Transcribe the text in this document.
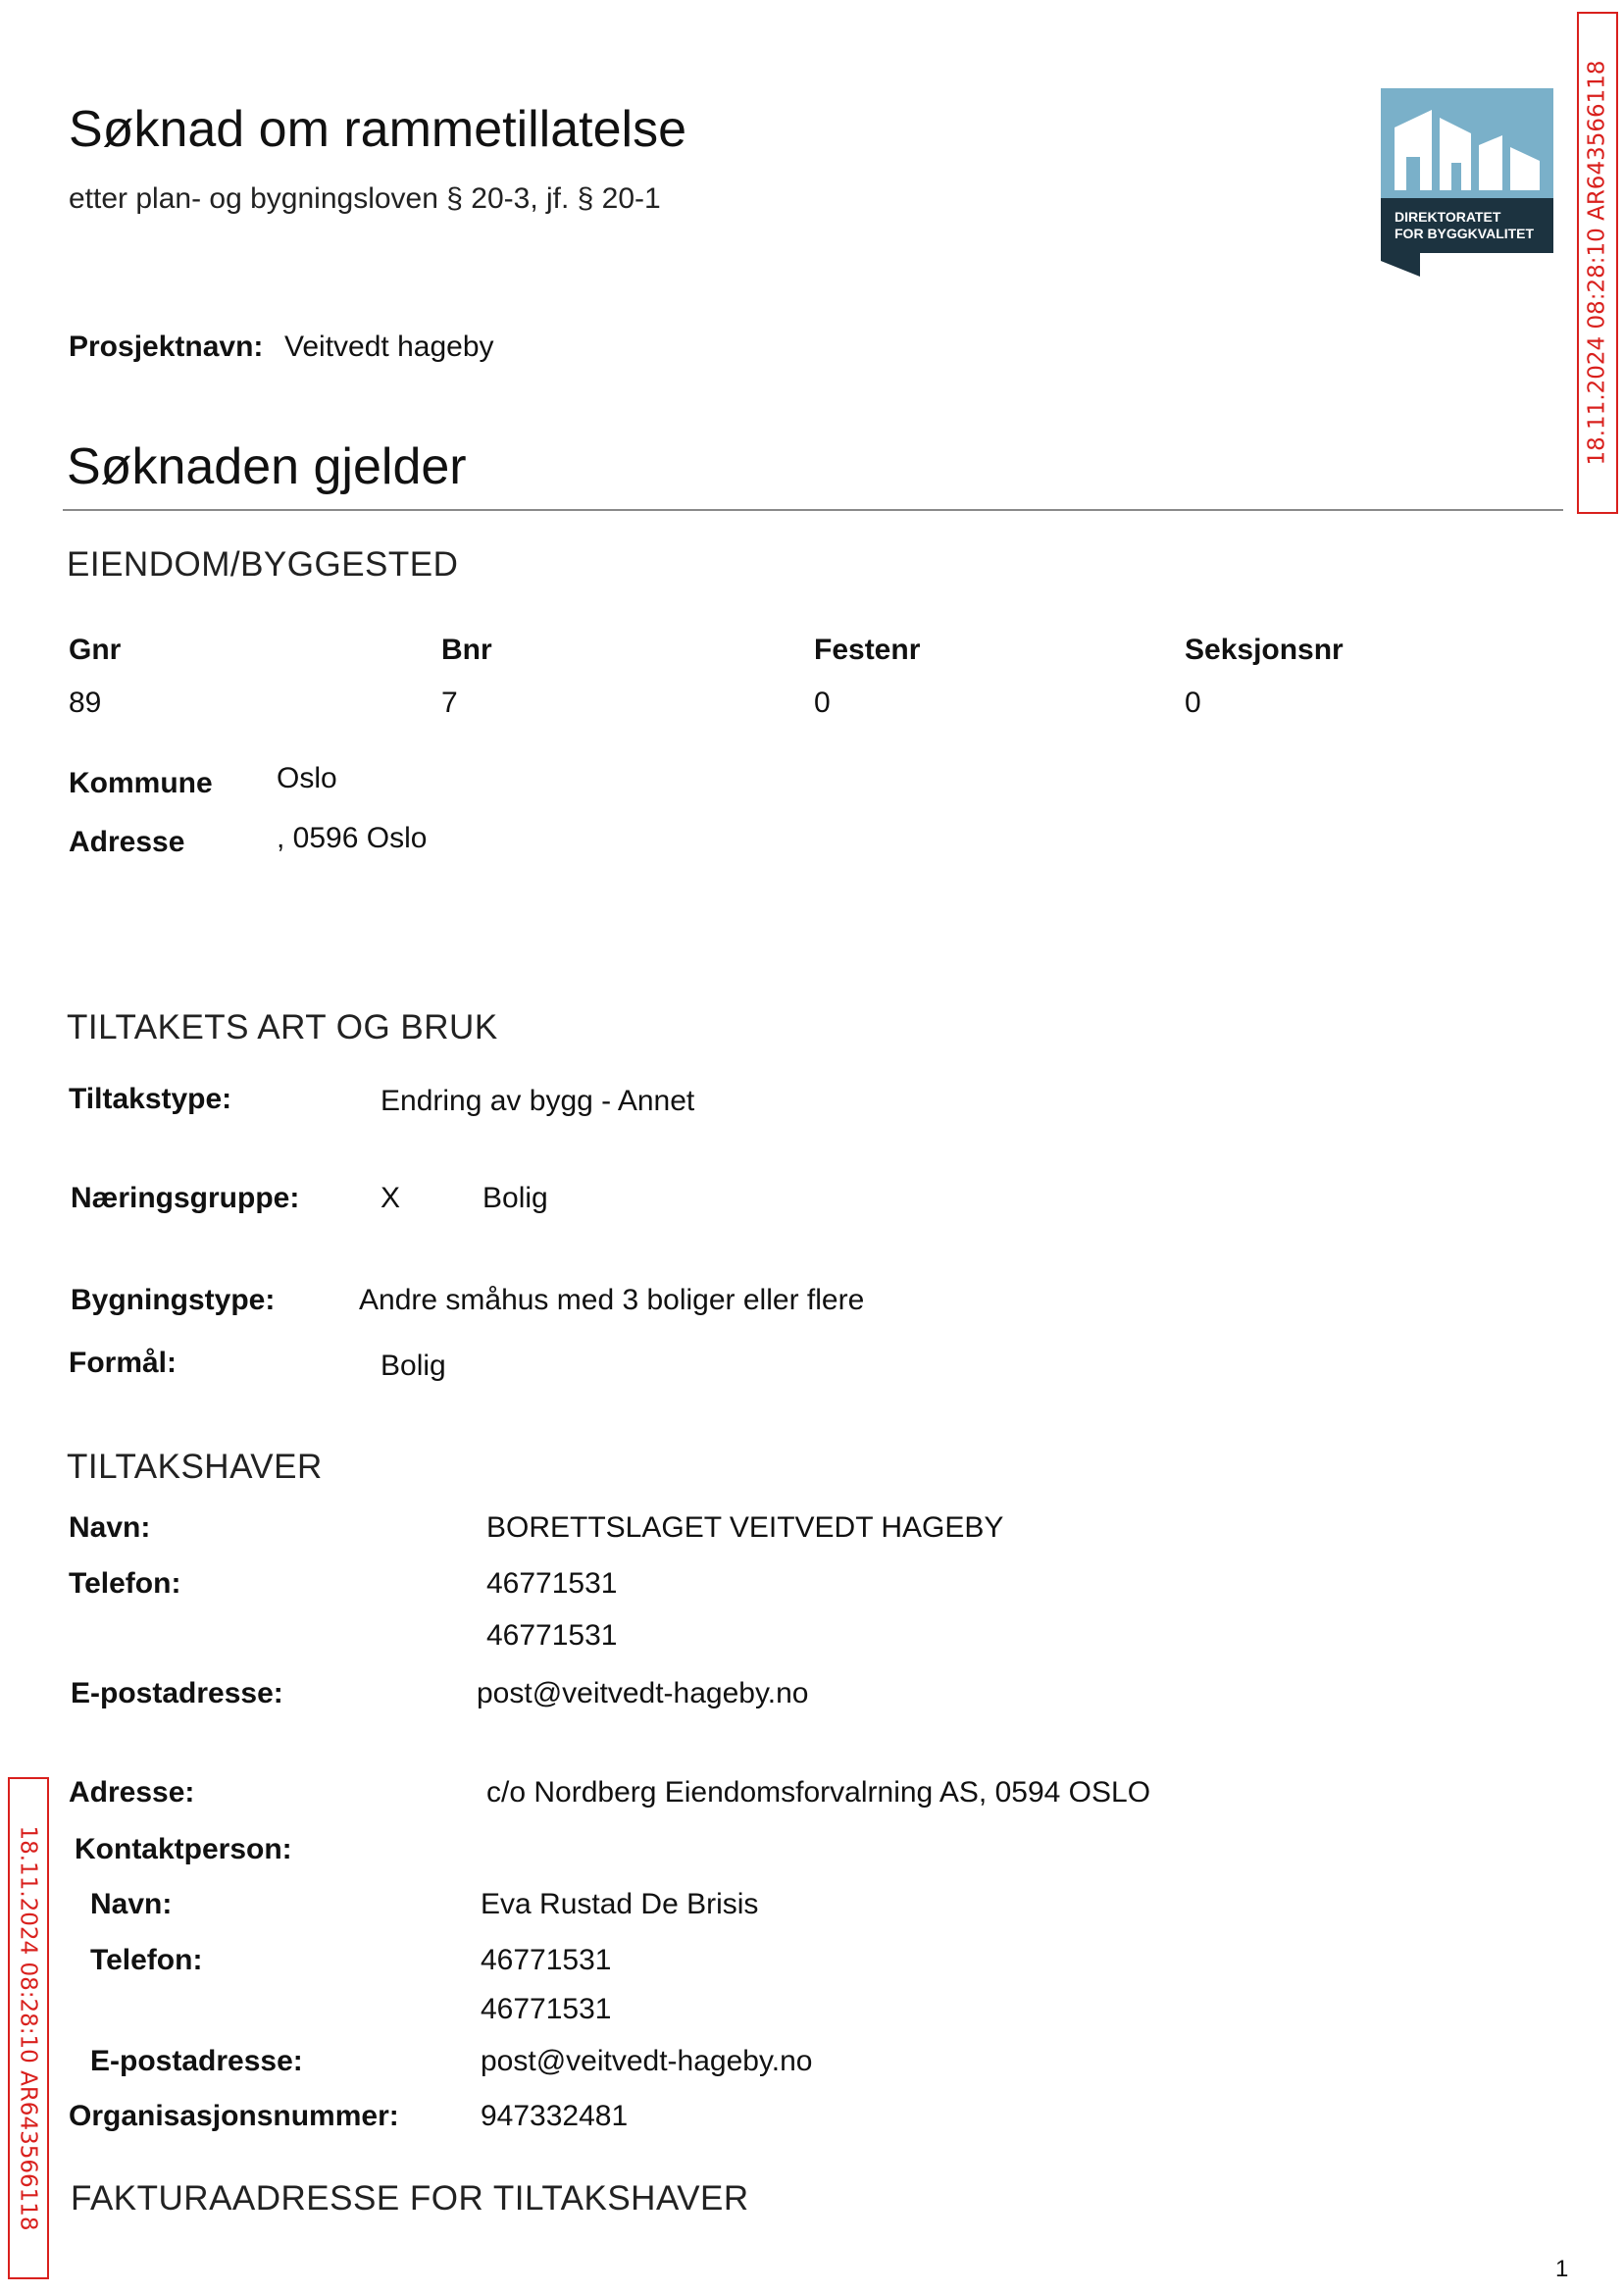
Søknad om rammetillatelse
etter plan- og bygningsloven § 20-3, jf. § 20-1
DIREKTORATET
FOR BYGGKVALITET 18.11.2024 08:28:10 AR643566118
18.11.2024 08:28:10 AR643566118
Prosjektnavn: Veitvedt hageby
Søknaden gjelder
EIENDOM/BYGGESTED
Gnr	Bnr	Festenr	Seksjonsnr
89	7	0	0
Kommune Oslo
Adresse	, 0596 Oslo
TILTAKETS ART OG BRUK
Tiltakstype:	Endring av bygg - Annet
Næringsgruppe:	X	Bolig
Bygningstype:	Andre småhus med 3 boliger eller flere
Formål:	Bolig
TILTAKSHAVER
Navn:	BORETTSLAGET VEITVEDT HAGEBY
Telefon:	46771531
46771531
E-postadresse:	post@veitvedt-hageby.no
Adresse:	c/o Nordberg Eiendomsforvalrning AS, 0594 OSLO
Kontaktperson:
Navn:	Eva Rustad De Brisis
Telefon:	46771531
46771531
E-postadresse:	post@veitvedt-hageby.no
Organisasjonsnummer:	947332481
FAKTURAADRESSE FOR TILTAKSHAVER
1
